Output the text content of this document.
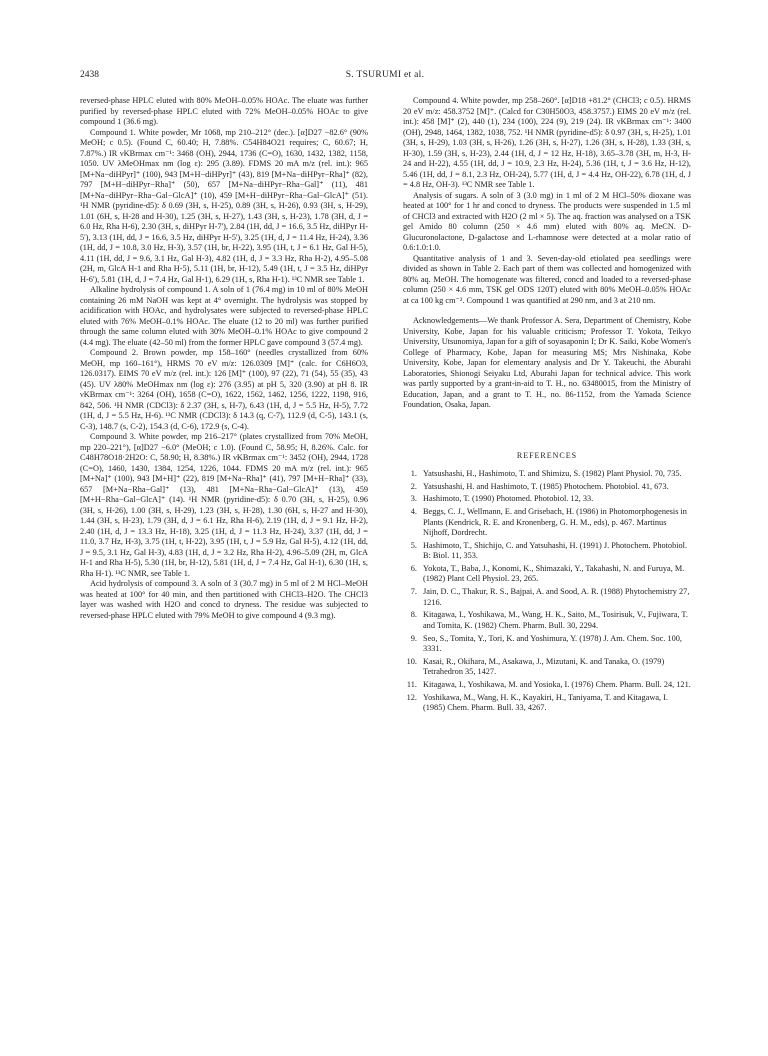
2438	S. TSURUMI et al.

reversed-phase HPLC eluted with 80% MeOH–0.05% HOAc. The eluate was further purified by reversed-phase HPLC eluted with 72% MeOH–0.05% HOAc to give compound 1 (36.6 mg).

Compound 1. White powder, Mr 1068, mp 210–212° (dec.). [α]D27 −82.6° (90% MeOH; c 0.5). (Found C, 60.40; H, 7.88%. C54H84O21 requires; C, 60.67; H, 7.87%.) IR νKBrmax cm⁻¹: 3468 (OH), 2944, 1736 (C=O), 1630, 1432, 1382, 1158, 1050. UV λMeOHmax nm (log ε): 295 (3.89). FDMS 20 mA m/z (rel. int.): 965 [M+Na−diHPyr]⁺ (100), 943 [M+H−diHPyr]⁺ (43), 819 [M+Na−diHPyr−Rha]⁺ (82), 797 [M+H−diHPyr−Rha]⁺ (50), 657 [M+Na−diHPyr−Rha−Gal]⁺ (11), 481 [M+Na−diHPyr−Rha−Gal−GlcA]⁺ (10), 459 [M+H−diHPyr−Rha−Gal−GlcA]⁺ (51). ¹H NMR (pyridine-d5): δ 0.69 (3H, s, H-25), 0.89 (3H, s, H-26), 0.93 (3H, s, H-29), 1.01 (6H, s, H-28 and H-30), 1.25 (3H, s, H-27), 1.43 (3H, s, H-23), 1.78 (3H, d, J = 6.0 Hz, Rha H-6), 2.30 (3H, s, diHPyr H-7'), 2.84 (1H, dd, J = 16.6, 3.5 Hz, diHPyr H-5'), 3.13 (1H, dd, J = 16.6, 3.5 Hz, diHPyr H-5'), 3.25 (1H, d, J = 11.4 Hz, H-24), 3.36 (1H, dd, J = 10.8, 3.0 Hz, H-3), 3.57 (1H, br, H-22), 3.95 (1H, t, J = 6.1 Hz, Gal H-5), 4.11 (1H, dd, J = 9.6, 3.1 Hz, Gal H-3), 4.82 (1H, d, J = 3.3 Hz, Rha H-2), 4.95–5.08 (2H, m, GlcA H-1 and Rha H-5), 5.11 (1H, br, H-12), 5.49 (1H, t, J = 3.5 Hz, diHPyr H-6'), 5.81 (1H, d, J = 7.4 Hz, Gal H-1), 6.29 (1H, s, Rha H-1). ¹³C NMR see Table 1.

Alkaline hydrolysis of compound 1. A soln of 1 (76.4 mg) in 10 ml of 80% MeOH containing 26 mM NaOH was kept at 4° overnight. The hydrolysis was stopped by acidification with HOAc, and hydrolysates were subjected to reversed-phase HPLC eluted with 76% MeOH–0.1% HOAc. The eluate (12 to 20 ml) was further purified through the same column eluted with 30% MeOH–0.1% HOAc to give compound 2 (4.4 mg). The eluate (42–50 ml) from the former HPLC gave compound 3 (57.4 mg).

Compound 2. Brown powder, mp 158–160° (needles crystallized from 60% MeOH, mp 160–161°), HRMS 70 eV m/z: 126.0309 [M]⁺ (calc. for C6H6O3, 126.0317). EIMS 70 eV m/z (rel. int.): 126 [M]⁺ (100), 97 (22), 71 (54), 55 (35), 43 (45). UV λ80% MeOHmax nm (log ε): 276 (3.95) at pH 5, 320 (3.90) at pH 8. IR νKBrmax cm⁻¹: 3264 (OH), 1658 (C=O), 1622, 1562, 1462, 1256, 1222, 1198, 916, 842, 506. ¹H NMR (CDCl3): δ 2.37 (3H, s, H-7), 6.43 (1H, d, J = 5.5 Hz, H-5), 7.72 (1H, d, J = 5.5 Hz, H-6). ¹³C NMR (CDCl3): δ 14.3 (q, C-7), 112.9 (d, C-5), 143.1 (s, C-3), 148.7 (s, C-2), 154.3 (d, C-6), 172.9 (s, C-4).

Compound 3. White powder, mp 216–217° (plates crystallized from 70% MeOH, mp 220–221°), [α]D27 −6.0° (MeOH; c 1.0). (Found C, 58.95; H, 8.26%. Calc. for C48H78O18·2H2O: C, 58.90; H, 8.38%.) IR νKBrmax cm⁻¹: 3452 (OH), 2944, 1728 (C=O), 1460, 1430, 1384, 1254, 1226, 1044. FDMS 20 mA m/z (rel. int.): 965 [M+Na]⁺ (100), 943 [M+H]⁺ (22), 819 [M+Na−Rha]⁺ (41), 797 [M+H−Rha]⁺ (33), 657 [M+Na−Rha−Gal]⁺ (13), 481 [M+Na−Rha−Gal−GlcA]⁺ (13), 459 [M+H−Rha−Gal−GlcA]⁺ (14). ¹H NMR (pyridine-d5): δ 0.70 (3H, s, H-25), 0.96 (3H, s, H-26), 1.00 (3H, s, H-29), 1.23 (3H, s, H-28), 1.30 (6H, s, H-27 and H-30), 1.44 (3H, s, H-23), 1.79 (3H, d, J = 6.1 Hz, Rha H-6), 2.19 (1H, d, J = 9.1 Hz, H-2), 2.40 (1H, d, J = 13.3 Hz, H-18), 3.25 (1H, d, J = 11.3 Hz, H-24), 3.37 (1H, dd, J = 11.0, 3.7 Hz, H-3), 3.75 (1H, t, H-22), 3.95 (1H, t, J = 5.9 Hz, Gal H-5), 4.12 (1H, dd, J = 9.5, 3.1 Hz, Gal H-3), 4.83 (1H, d, J = 3.2 Hz, Rha H-2), 4.96–5.09 (2H, m, GlcA H-1 and Rha H-5), 5.30 (1H, br, H-12), 5.81 (1H, d, J = 7.4 Hz, Gal H-1), 6.30 (1H, s, Rha H-1). ¹³C NMR, see Table 1.

Acid hydrolysis of compound 3. A soln of 3 (30.7 mg) in 5 ml of 2 M HCl–MeOH was heated at 100° for 40 min, and then partitioned with CHCl3–H2O. The CHCl3 layer was washed with H2O and concd to dryness. The residue was subjected to reversed-phase HPLC eluted with 79% MeOH to give compound 4 (9.3 mg).

Compound 4. White powder, mp 258–260°. [α]D18 +81.2° (CHCl3; c 0.5). HRMS 20 eV m/z: 458.3752 [M]⁺. (Calcd for C30H50O3, 458.3757.) EIMS 20 eV m/z (rel. int.): 458 [M]⁺ (2), 440 (1), 234 (100), 224 (9), 219 (24). IR νKBrmax cm⁻¹: 3400 (OH), 2948, 1464, 1382, 1038, 752. ¹H NMR (pyridine-d5): δ 0.97 (3H, s, H-25), 1.01 (3H, s, H-29), 1.03 (3H, s, H-26), 1.26 (3H, s, H-27), 1.26 (3H, s, H-28), 1.33 (3H, s, H-30), 1.59 (3H, s, H-23), 2.44 (1H, d, J = 12 Hz, H-18), 3.65–3.78 (3H, m, H-3, H-24 and H-22), 4.55 (1H, dd, J = 10.9, 2.3 Hz, H-24), 5.36 (1H, t, J = 3.6 Hz, H-12), 5.46 (1H, dd, J = 8.1, 2.3 Hz, OH-24), 5.77 (1H, d, J = 4.4 Hz, OH-22), 6.78 (1H, d, J = 4.8 Hz, OH-3). ¹³C NMR see Table 1.

Analysis of sugars. A soln of 3 (3.0 mg) in 1 ml of 2 M HCl–50% dioxane was heated at 100° for 1 hr and concd to dryness. The products were suspended in 1.5 ml of CHCl3 and extracted with H2O (2 ml × 5). The aq. fraction was analysed on a TSK gel Amido 80 column (250 × 4.6 mm) eluted with 80% aq. MeCN. D-Glucuronolactone, D-galactose and L-rhamnose were detected at a molar ratio of 0.6:1.0:1.0.

Quantitative analysis of 1 and 3. Seven-day-old etiolated pea seedlings were divided as shown in Table 2. Each part of them was collected and homogenized with 80% aq. MeOH. The homogenate was filtered, concd and loaded to a reversed-phase column (250 × 4.6 mm, TSK gel ODS 120T) eluted with 80% MeOH–0.05% HOAc at ca 100 kg cm⁻². Compound 1 was quantified at 290 nm, and 3 at 210 nm.

Acknowledgements—We thank Professor A. Sera, Department of Chemistry, Kobe University, Kobe, Japan for his valuable criticism; Professor T. Yokota, Teikyo University, Utsunomiya, Japan for a gift of soyasaponin I; Dr K. Saiki, Kobe Women's College of Pharmacy, Kobe, Japan for measuring MS; Mrs Nishinaka, Kobe University, Kobe, Japan for elementary analysis and Dr Y. Takeuchi, the Aburahi Laboratories, Shionogi Seiyaku Ltd, Aburahi Japan for technical advice. This work was partly supported by a grant-in-aid to T. H., no. 63480015, from the Ministry of Education, Japan, and a grant to T. H., no. 86-1152, from the Yamada Science Foundation, Osaka, Japan.

REFERENCES
1. Yatsushashi, H., Hashimoto, T. and Shimizu, S. (1982) Plant Physiol. 70, 735.
2. Yatsushashi, H. and Hashimoto, T. (1985) Photochem. Photobiol. 41, 673.
3. Hashimoto, T. (1990) Photomed. Photobiol. 12, 33.
4. Beggs, C. J., Wellmann, E. and Grisebach, H. (1986) in Photomorphogenesis in Plants (Kendrick, R. E. and Kronenberg, G. H. M., eds), p. 467. Martinus Nijhoff, Dordrecht.
5. Hashimoto, T., Shichijo, C. and Yatsuhashi, H. (1991) J. Photochem. Photobiol. B: Biol. 11, 353.
6. Yokota, T., Baba, J., Konomi, K., Shimazaki, Y., Takahashi, N. and Furuya, M. (1982) Plant Cell Physiol. 23, 265.
7. Jain, D. C., Thakur, R. S., Bajpai, A. and Sood, A. R. (1988) Phytochemistry 27, 1216.
8. Kitagawa, I., Yoshikawa, M., Wang, H. K., Saito, M., Tosirisuk, V., Fujiwara, T. and Tomita, K. (1982) Chem. Pharm. Bull. 30, 2294.
9. Seo, S., Tomita, Y., Tori, K. and Yoshimura, Y. (1978) J. Am. Chem. Soc. 100, 3331.
10. Kasai, R., Okihara, M., Asakawa, J., Mizutani, K. and Tanaka, O. (1979) Tetrahedron 35, 1427.
11. Kitagawa, I., Yoshikawa, M. and Yosioka, I. (1976) Chem. Pharm. Bull. 24, 121.
12. Yoshikawa, M., Wang, H. K., Kayakiri, H., Taniyama, T. and Kitagawa, I. (1985) Chem. Pharm. Bull. 33, 4267.
